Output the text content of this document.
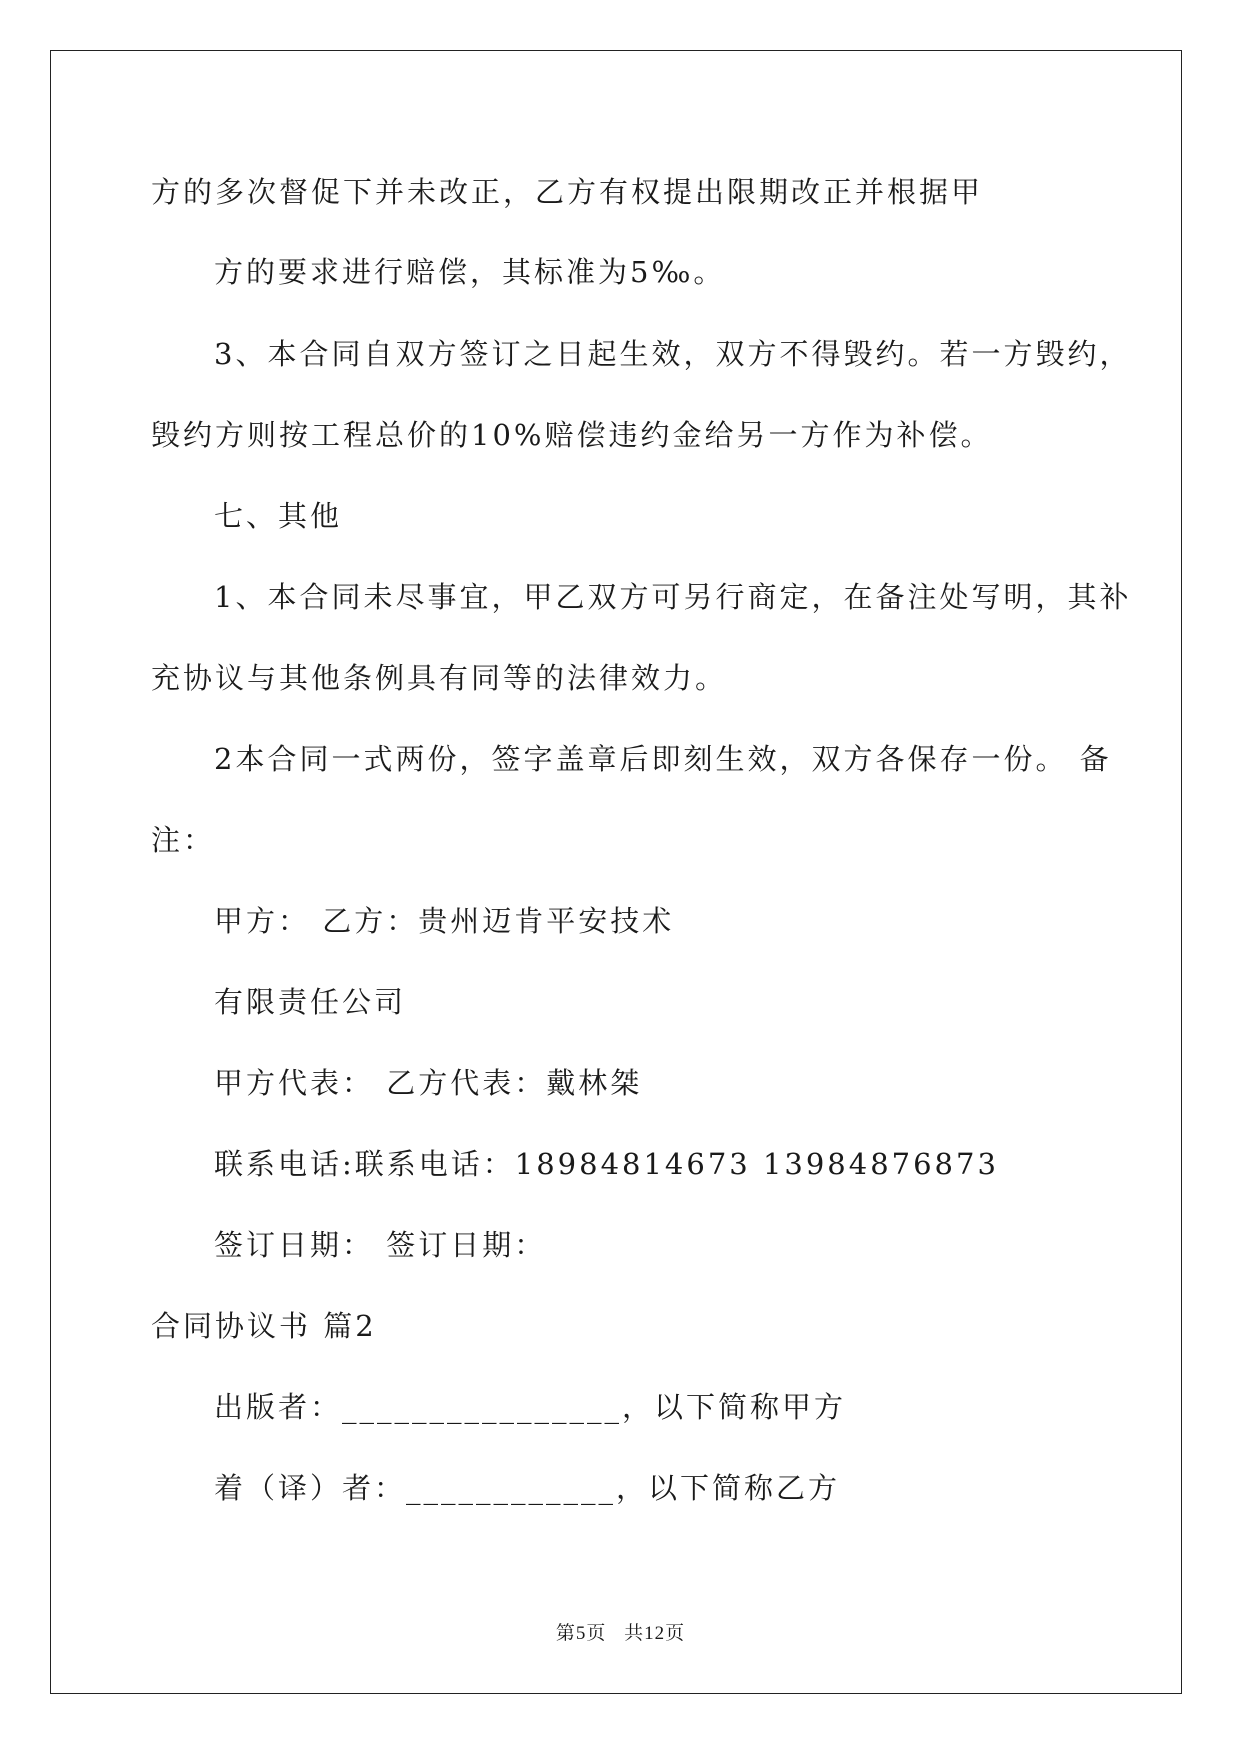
方的多次督促下并未改正，乙方有权提出限期改正并根据甲
方的要求进行赔偿，其标准为5‰。
3、本合同自双方签订之日起生效，双方不得毁约。若一方毁约，
毁约方则按工程总价的10%赔偿违约金给另一方作为补偿。
七、其他
1、本合同未尽事宜，甲乙双方可另行商定，在备注处写明，其补
充协议与其他条例具有同等的法律效力。
2本合同一式两份，签字盖章后即刻生效，双方各保存一份。 备
注：
甲方： 乙方：贵州迈肯平安技术
有限责任公司
甲方代表： 乙方代表：戴林桀
联系电话:联系电话：18984814673 13984876873
签订日期： 签订日期：
合同协议书 篇2
出版者：________________，以下简称甲方
着（译）者：____________，以下简称乙方
第5页 共12页
